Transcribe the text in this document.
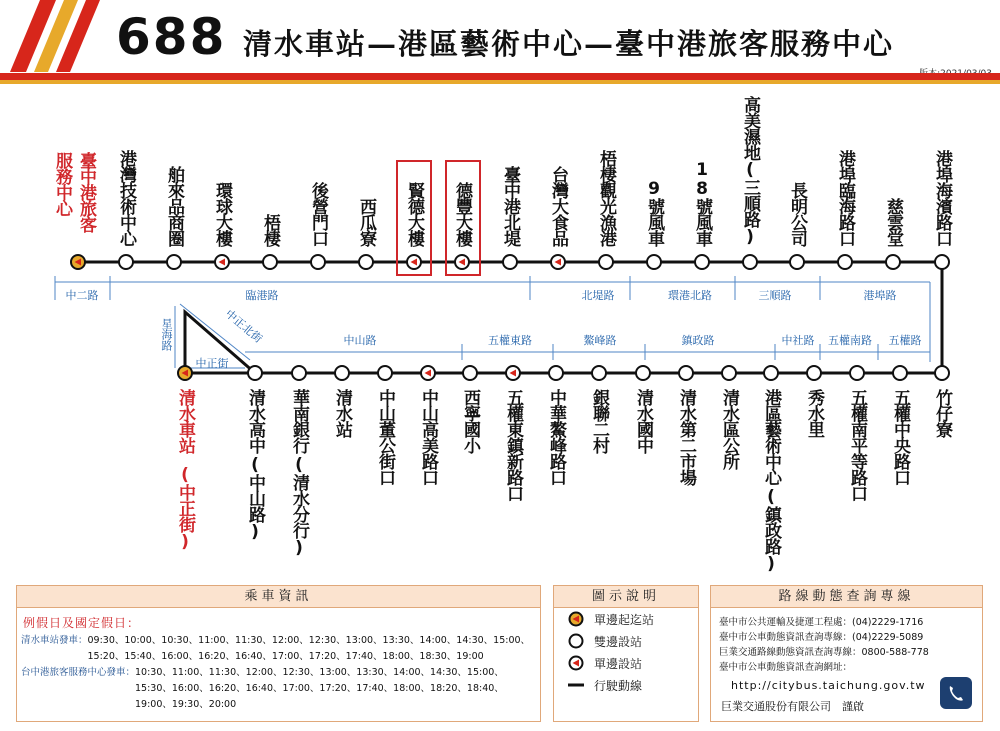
688 清水車站—港區藝術中心—臺中港旅客服務中心
中二路	臨港路	北堤路	環港北路	三順路	港埠路
中山路	五權東路	鰲峰路	鎮政路	中社路 五權南路 五權路
星海路	中正北街
中正街
臺中港旅客
服務中心	港灣技術中心 舶來品商圈 環球大樓 梧棲 後營門口 西瓜寮 賢德大樓 德豐大樓 臺中港北堤 台灣大食品 梧棲觀光漁港 9號風車 18號風車 高美濕地(三順路) 長明公司 港埠臨海路口 慈雲堂 港埠海濱路口
清水車站
(中正街)
清水高中
(中山路)
華南銀行
(清水分行)
清水站 中山董公街口 中山高美路口 西寧國小 五權東鎮新路口 中華鰲峰路口 銀聯二村 清水國中 清水第二市場 清水區公所 港區藝術中心
(鎮政路)
秀水里 五權南平等路口 五權中央路口 竹仔寮
乘車資訊
例假日及國定假日：
清水車站發車： 09:30、10:00、10:30、11:00、11:30、12:00、12:30、13:00、13:30、14:00、14:30、15:00、15:20、15:40、16:00、16:20、16:40、17:00、17:20、17:40、18:00、18:30、19:00
台中港旅客服務中心發車： 10:30、11:00、11:30、12:00、12:30、13:00、13:30、14:00、14:30、15:00、15:30、16:00、16:20、16:40、17:00、17:20、17:40、18:00、18:20、18:40、19:00、19:30、20:00
圖示說明
單邊起迄站
雙邊設站
單邊設站
行駛動線
路線動態查詢專線
臺中市公共運輸及捷運工程處：(04)2229-1716
臺中市公車動態資訊查詢專線：(04)2229-5089
巨業交通路線動態資訊查詢專線：0800-588-778
臺中市公車動態資訊查詢網址：
http://citybus.taichung.gov.tw
巨業交通股份有限公司　謹啟
